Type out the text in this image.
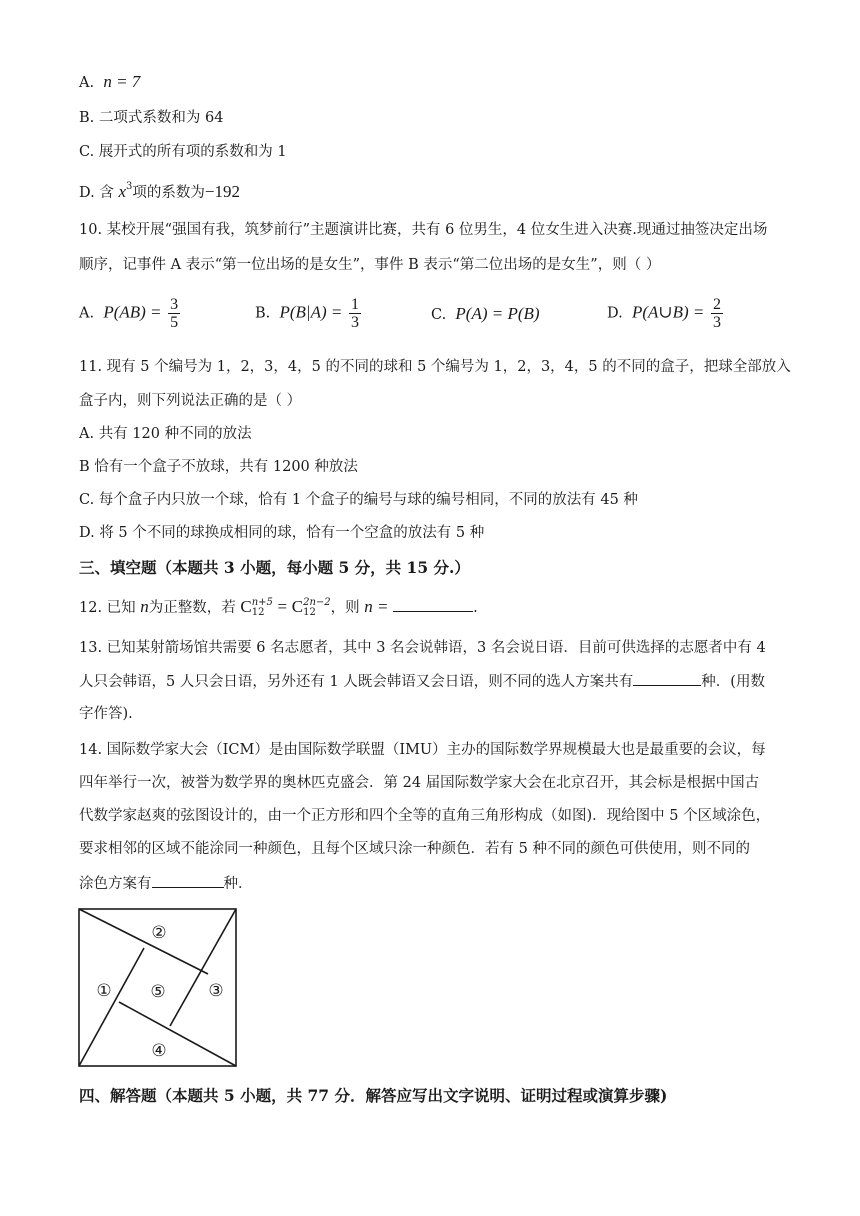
A. n = 7
B. 二项式系数和为 64
C. 展开式的所有项的系数和为 1
D. 含 $x^3$项的系数为−192
10. 某校开展“强国有我，筑梦前行”主题演讲比赛，共有 6 位男生，4 位女生进入决赛.现通过抽签决定出场
顺序，记事件 A 表示“第一位出场的是女生”，事件 B 表示“第二位出场的是女生”，则（ ）
A. $P(AB) = \frac{3}{5}$	B. $P(B|A) = \frac{1}{3}$	C. P(A) = P(B)	D. P(A∪B) = $\frac{2}{3}$
11. 现有 5 个编号为 1，2，3，4，5 的不同的球和 5 个编号为 1，2，3，4，5 的不同的盒子，把球全部放入
盒子内，则下列说法正确的是（ ）
A. 共有 120 种不同的放法
B 恰有一个盒子不放球，共有 1200 种放法
C. 每个盒子内只放一个球，恰有 1 个盒子的编号与球的编号相同，不同的放法有 45 种
D. 将 5 个不同的球换成相同的球，恰有一个空盒的放法有 5 种
三、填空题（本题共 3 小题，每小题 5 分，共 15 分.）
12. 已知 n为正整数，若 C n+5
12 = C 2n−2
12	，则 n =	.
13. 已知某射箭场馆共需要 6 名志愿者，其中 3 名会说韩语，3 名会说日语．目前可供选择的志愿者中有 4
人只会韩语，5 人只会日语，另外还有 1 人既会韩语又会日语，则不同的选人方案共有	种．(用数
字作答).
14. 国际数学家大会（ICM）是由国际数学联盟（IMU）主办的国际数学界规模最大也是最重要的会议，每
四年举行一次，被誉为数学界的奥林匹克盛会．第 24 届国际数学家大会在北京召开，其会标是根据中国古
代数学家赵爽的弦图设计的，由一个正方形和四个全等的直角三角形构成（如图)．现给图中 5 个区域涂色，
要求相邻的区域不能涂同一种颜色，且每个区域只涂一种颜色．若有 5 种不同的颜色可供使用，则不同的
涂色方案有	种．
①
②
③
④
⑤
四、解答题（本题共 5 小题，共 77 分．解答应写出文字说明、证明过程或演算步骤)
